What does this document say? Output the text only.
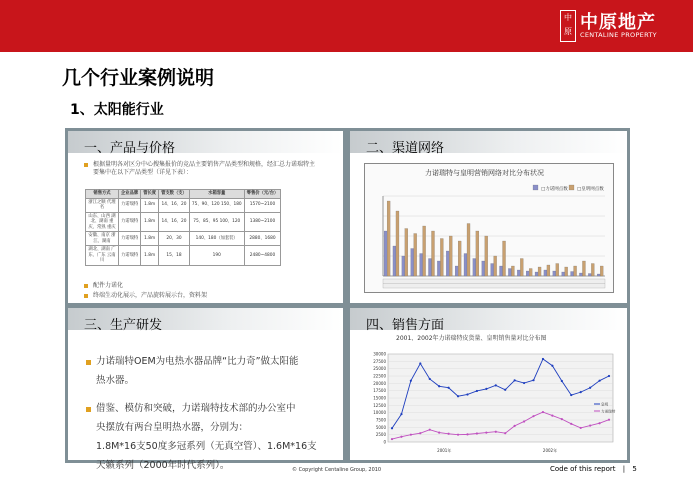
中原 中原地产
CENTALINE PROPERTY
几个行业案例说明
1、太阳能行业
一、产品与价格
根据量明各对区分中心搜集报价的竞品主要销售产品类型和规格，经汇总力诺瑞特主要集中在以下产品类型（详见下表）：
销售方式	企业品牌	管长度	管支数（支）	水箱容量	零售价（元/台）
浙江之顺 代理名	力诺瑞特	1.8m	14、16、20	75、90、120 150、180	1570~2100
山东、山西 湖北、湖南 重庆、常熟 重庆	力诺瑞特	1.8m	14、16、20	75、85、95 100、120	1380~2100
安徽、南京 浙江、湖南	力诺瑞特	1.8m	20、30	140、180（加套装）	2880、1680
湖北、湖南 广东、广东 云南川	力诺瑞特	1.8m	15、18	190	2480~4800
配件力诺化
终端生动化展示，产品旋转展示台，资料架
二、渠道网络
力诺瑞特与皇明营销网络对比分布状况
□力诺网点数 □皇明网点数
三、生产研发
力诺瑞特OEM为电热水器品牌“比力奇”做太阳能
热水器。
借鉴、模仿和突破，力诺瑞特技术部的办公室中
央摆放有两台皇明热水器，分别为：
1.8M*16支50度多冠系列（无真空管）、1.6M*16支
天籁系列（2000年时代系列）。
四、销售方面
2001、2002年力诺瑞特皮货量、皇明销售量对比分布图
30000
27500
25000
22500
20000
17500
15000
12500
10000
7500
5000
2500
0
皇明
力诺瑞特
2001年	2002年
© Copyright Centaline Group, 2010	Code of this report | 5
